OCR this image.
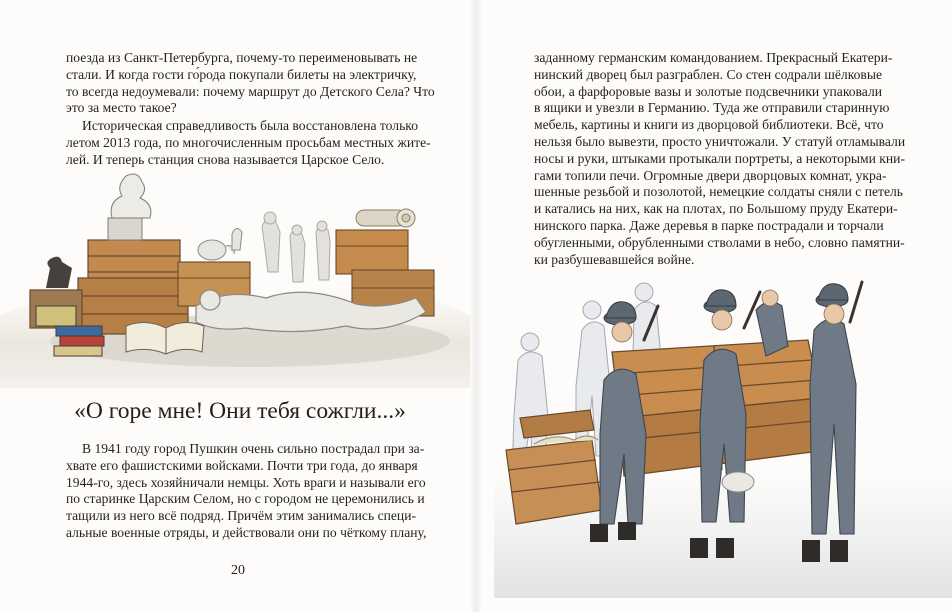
поезда из Санкт-Петербурга, почему-то переименовывать не
стали. И когда гости го́рода покупали билеты на электричку,
то всегда недоумевали: почему маршрут до Детского Села? Что
это за место такое?

Историческая справедливость была восстановлена только
летом 2013 года, по многочисленным просьбам местных жите-
лей. И теперь станция снова называется Царское Село.

«О горе мне! Они тебя сожгли...»

В 1941 году город Пушкин очень сильно пострадал при за-
хвате его фашистскими войсками. Почти три года, до января
1944-го, здесь хозяйничали немцы. Хоть враги и называли его
по старинке Царским Селом, но с городом не церемонились и
тащили из него всё подряд. Причём этим занимались специ-
альные военные отряды, и действовали они по чёткому плану,

20

заданному германским командованием. Прекрасный Екатери-
нинский дворец был разграблен. Со стен содрали шёлковые
обои, а фарфоровые вазы и золотые подсвечники упаковали
в ящики и увезли в Германию. Туда же отправили старинную
мебель, картины и книги из дворцовой библиотеки. Всё, что
нельзя было вывезти, просто уничтожали. У статуй отламывали
носы и руки, штыками протыкали портреты, а некоторыми кни-
гами топили печи. Огромные двери дворцовых комнат, укра-
шенные резьбой и позолотой, немецкие солдаты сняли с петель
и катались на них, как на плотах, по Большому пруду Екатери-
нинского парка. Даже деревья в парке пострадали и торчали
обугленными, обрубленными стволами в небо, словно памятни-
ки разбушевавшейся войне.
